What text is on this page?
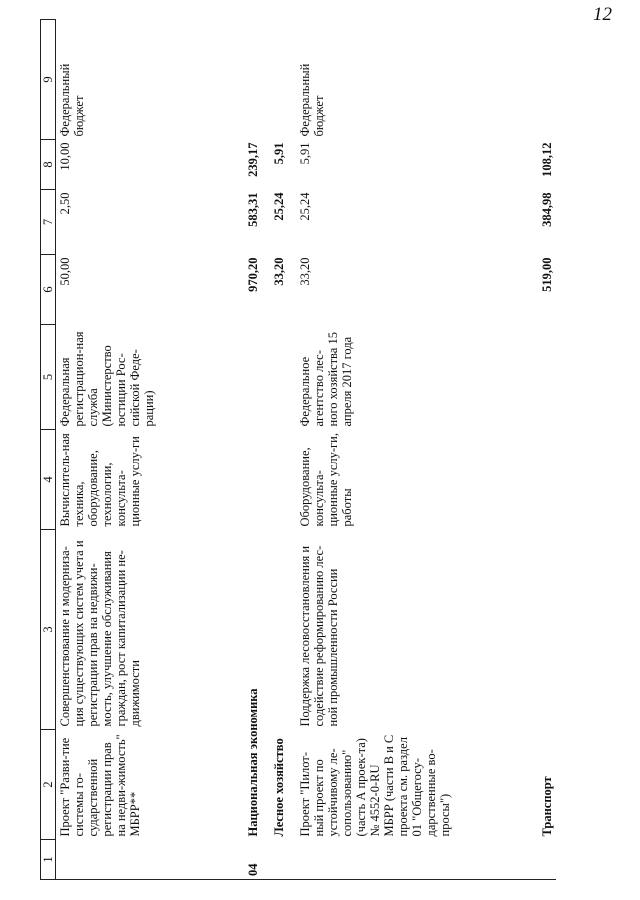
12
1	2	3	4	5	6	7	8	9
	Проект "Разви-тие системы го-сударственной регистрации прав на недви-жимость" МБРР**	Совершенствование и модерниза-ция существующих систем учета и регистрации прав на недвижи-мость, улучшение обслуживания граждан, рост капитализации не-движимости	Вычислитель-ная техника, оборудование, технологии, консульта-ционные услу-ги	Федеральная регистрацион-ная служба (Министерство юстиции Рос-сийской Феде-рации)	50,00	2,50	10,00	Федеральный бюджет
04	Национальная экономика				970,20	583,31	239,17	
	Лесное хозяйство				33,20	25,24	5,91	
	Проект "Пилот-ный проект по устойчивому ле-сопользованию" (часть А проек-та) № 4552-0-RU МБРР (части В и С проекта см. раздел 01 "Общегосу-дарственные во-просы")	Поддержка лесовосстановления и содействие реформированию лес-ной промышленности России	Оборудование, консульта-ционные услу-ги, работы	Федеральное агентство лес-ного хозяйства 15 апреля 2017 года	33,20	25,24	5,91	Федеральный бюджет
	Транспорт				519,00	384,98	108,12	
